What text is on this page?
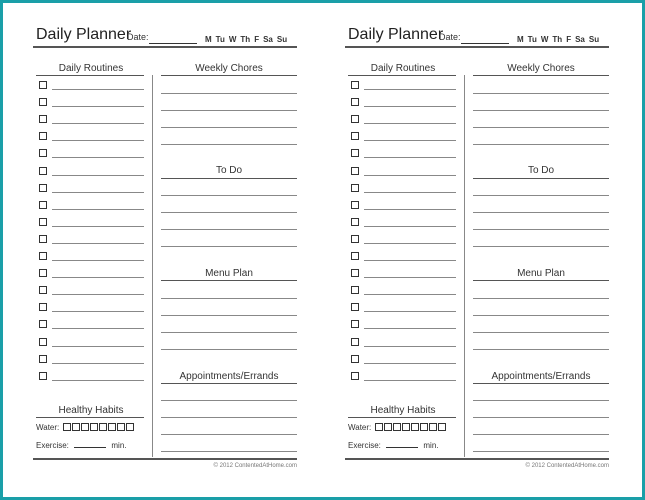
Daily Planner
Date:	M Tu W Th F Sa Su
Daily Routines	Weekly Chores
To Do
Menu Plan
Appointments/Errands
Healthy Habits
Water:
Exercise:	min.
© 2012 ContentedAtHome.com
Daily Planner
Date:	M Tu W Th F Sa Su
Daily Routines	Weekly Chores
To Do
Menu Plan
Appointments/Errands
Healthy Habits
Water:
Exercise:	min.
© 2012 ContentedAtHome.com
